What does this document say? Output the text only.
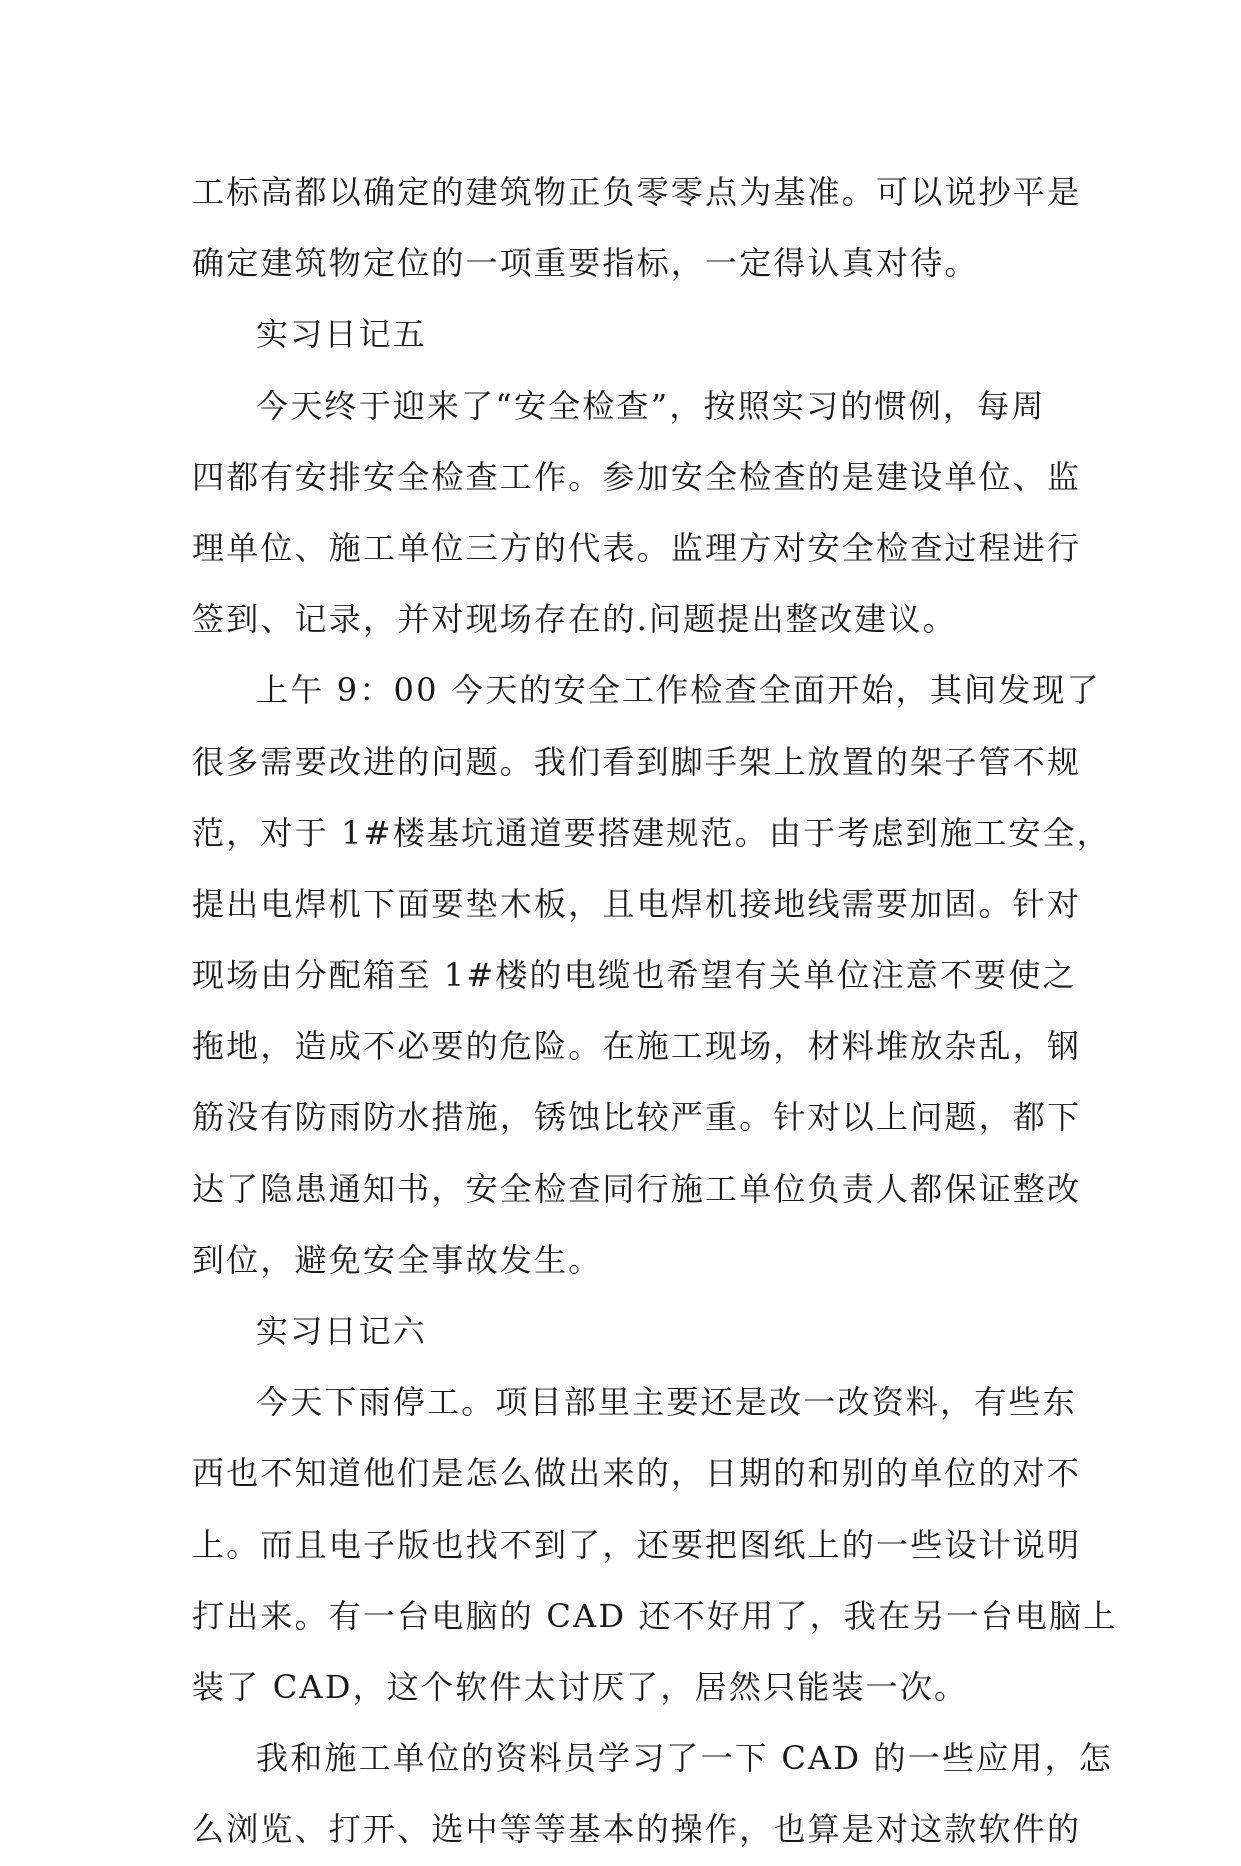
工标高都以确定的建筑物正负零零点为基准。可以说抄平是
确定建筑物定位的一项重要指标，一定得认真对待。
实习日记五
今天终于迎来了“安全检查”，按照实习的惯例，每周
四都有安排安全检查工作。参加安全检查的是建设单位、监
理单位、施工单位三方的代表。监理方对安全检查过程进行
签到、记录，并对现场存在的.问题提出整改建议。
上午 9：00 今天的安全工作检查全面开始，其间发现了
很多需要改进的问题。我们看到脚手架上放置的架子管不规
范，对于 1#楼基坑通道要搭建规范。由于考虑到施工安全，
提出电焊机下面要垫木板，且电焊机接地线需要加固。针对
现场由分配箱至 1#楼的电缆也希望有关单位注意不要使之
拖地，造成不必要的危险。在施工现场，材料堆放杂乱，钢
筋没有防雨防水措施，锈蚀比较严重。针对以上问题，都下
达了隐患通知书，安全检查同行施工单位负责人都保证整改
到位，避免安全事故发生。
实习日记六
今天下雨停工。项目部里主要还是改一改资料，有些东
西也不知道他们是怎么做出来的，日期的和别的单位的对不
上。而且电子版也找不到了，还要把图纸上的一些设计说明
打出来。有一台电脑的 CAD 还不好用了，我在另一台电脑上
装了 CAD，这个软件太讨厌了，居然只能装一次。
我和施工单位的资料员学习了一下 CAD 的一些应用，怎
么浏览、打开、选中等等基本的操作，也算是对这款软件的
